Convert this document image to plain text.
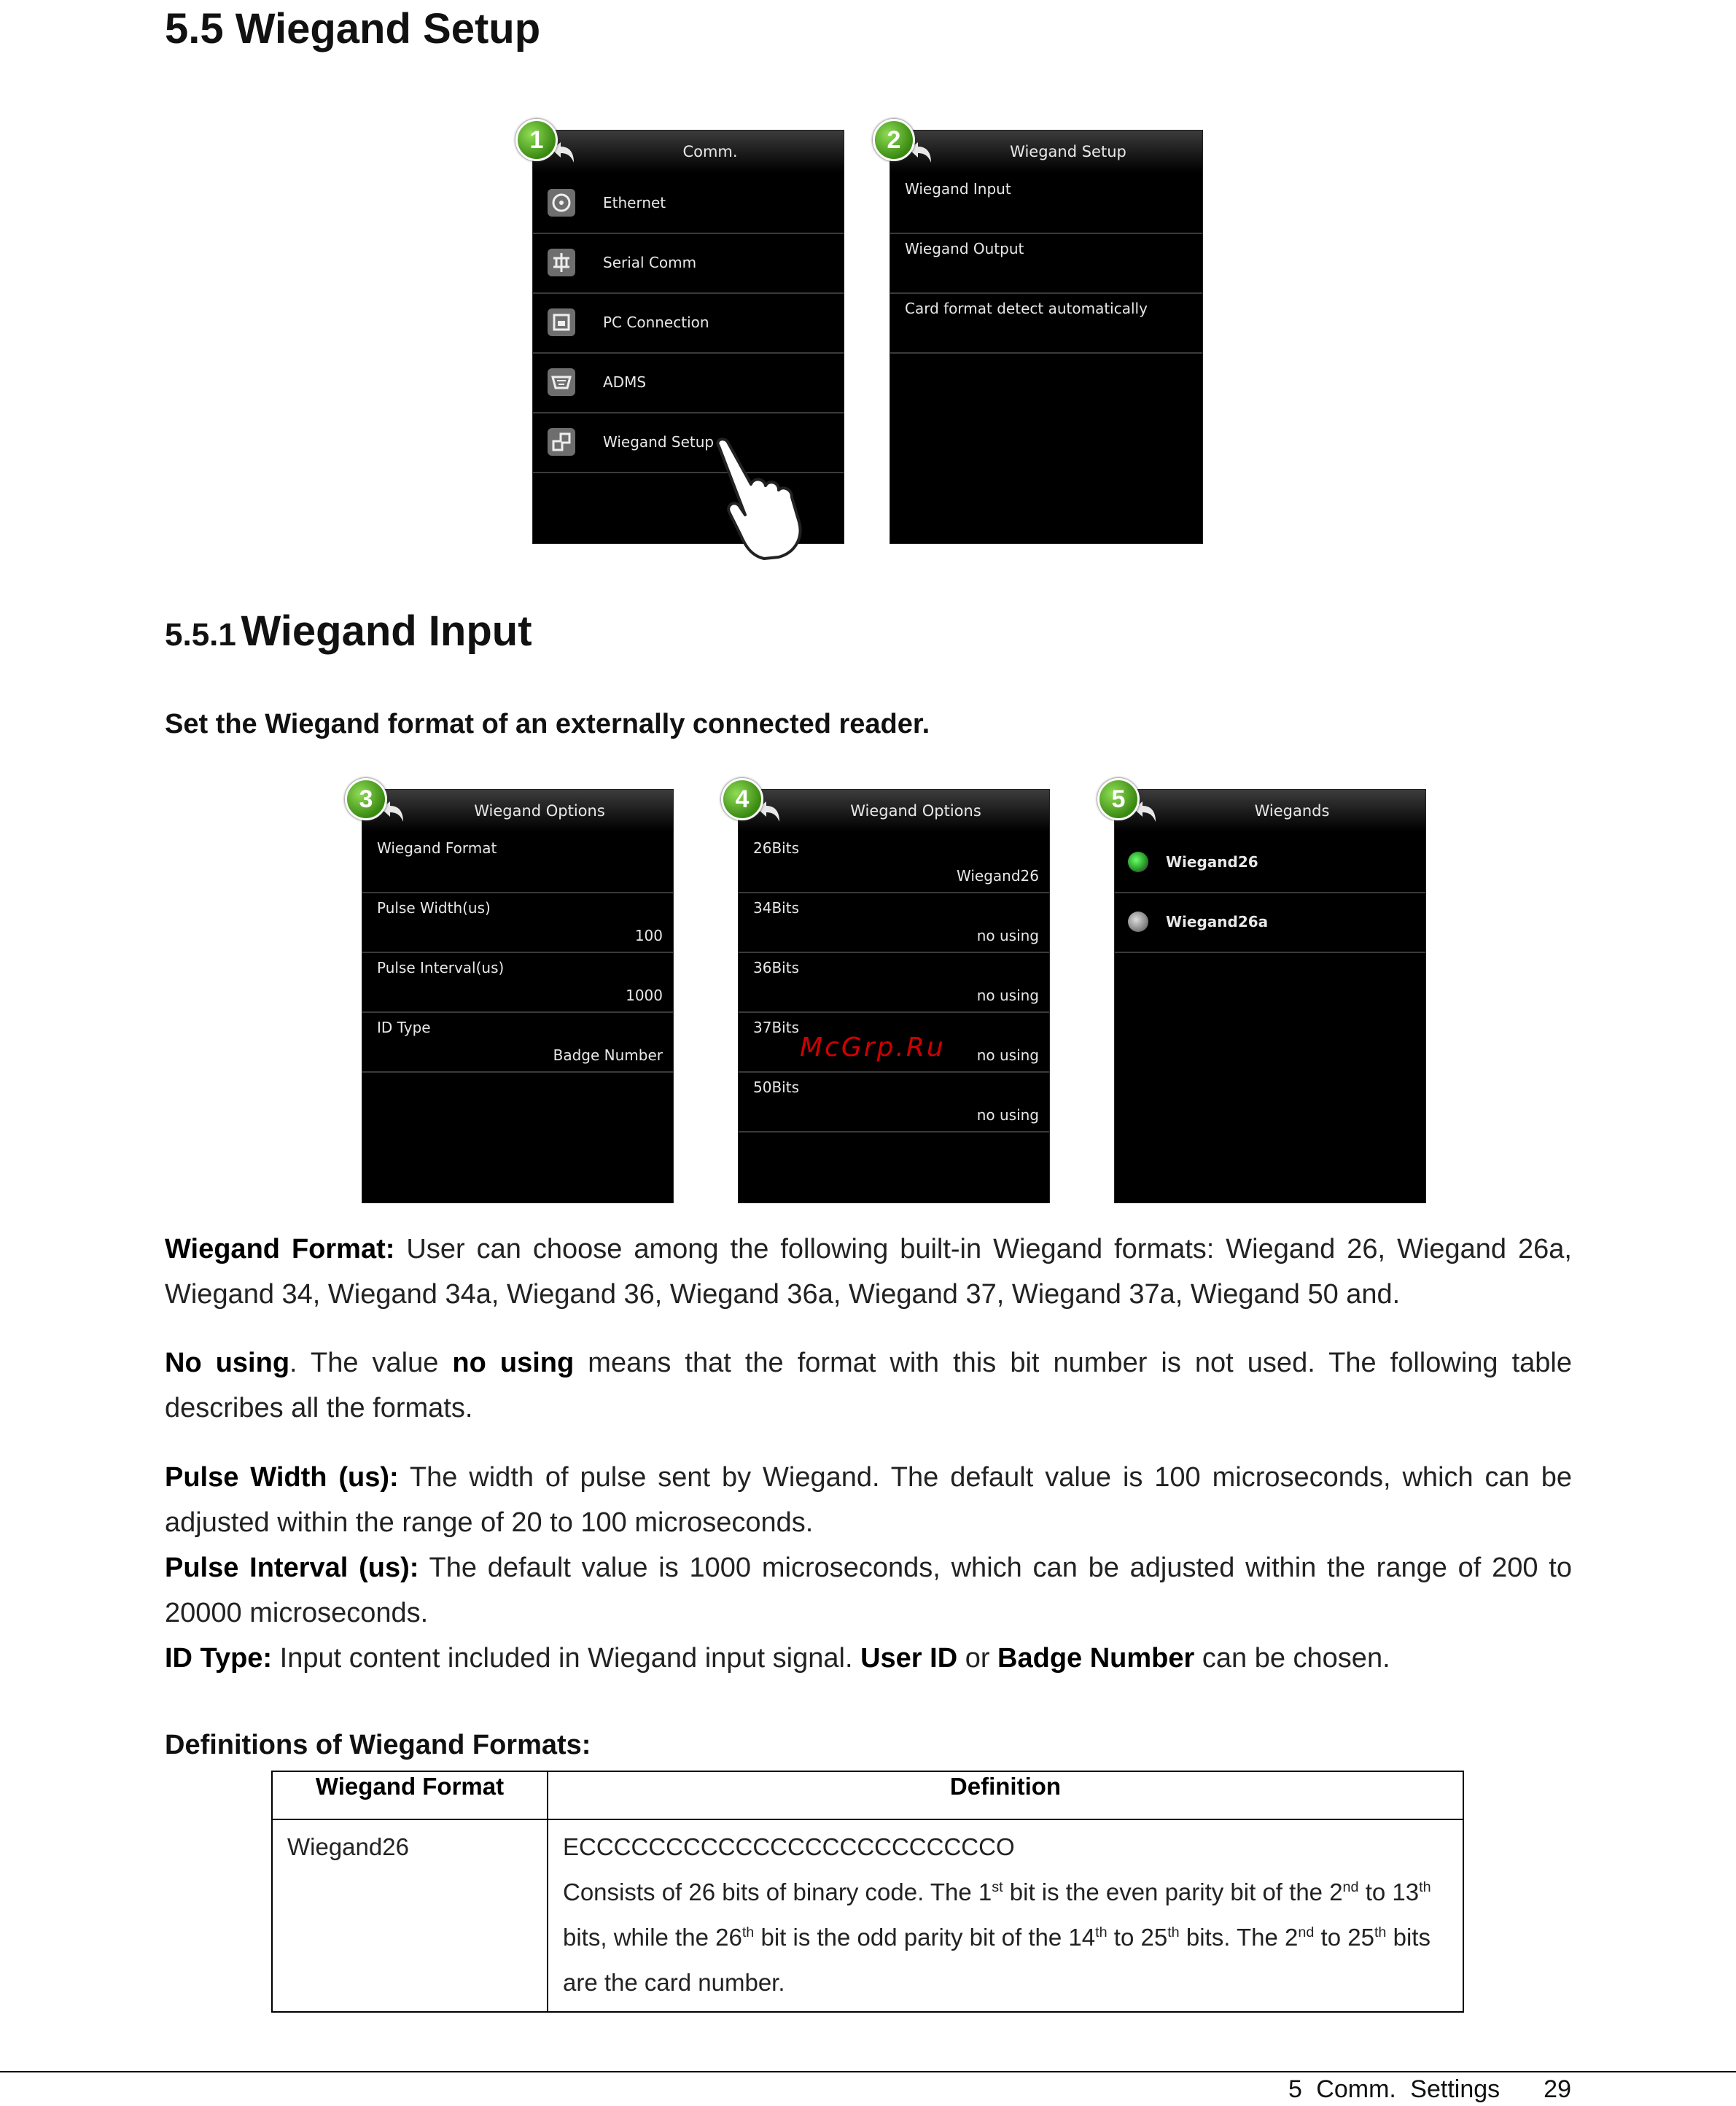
5.5 Wiegand Setup
1	Comm.
Ethernet
Serial Comm
PC Connection
ADMS
Wiegand Setup
2	Wiegand Setup
Wiegand Input
Wiegand Output
Card format detect automatically
5.5.1 Wiegand Input
Set the Wiegand format of an externally connected reader.
3	Wiegand Options
Wiegand Format
Pulse Width(us)
100
Pulse Interval(us)
1000
ID Type
Badge Number
4	Wiegand Options
26Bits
Wiegand26
34Bits
no using
36Bits
no using
37Bits
no using
50Bits
no using
McGrp.Ru
5	Wiegands
Wiegand26
Wiegand26a
Wiegand Format: User can choose among the following built-in Wiegand formats: Wiegand 26, Wiegand 26a, Wiegand 34, Wiegand 34a, Wiegand 36, Wiegand 36a, Wiegand 37, Wiegand 37a, Wiegand 50 and.
No using. The value no using means that the format with this bit number is not used. The following table describes all the formats.
Pulse Width (us): The width of pulse sent by Wiegand. The default value is 100 microseconds, which can be adjusted within the range of 20 to 100 microseconds.
Pulse Interval (us): The default value is 1000 microseconds, which can be adjusted within the range of 200 to 20000 microseconds.
ID Type: Input content included in Wiegand input signal. User ID or Badge Number can be chosen.
Definitions of Wiegand Formats:
Wiegand Format	Definition
Wiegand26	ECCCCCCCCCCCCCCCCCCCCCCCCO
Consists of 26 bits of binary code. The 1st bit is the even parity bit of the 2nd to 13th bits, while the 26th bit is the odd parity bit of the 14th to 25th bits. The 2nd to 25th bits are the card number.
5 Comm. Settings 29
